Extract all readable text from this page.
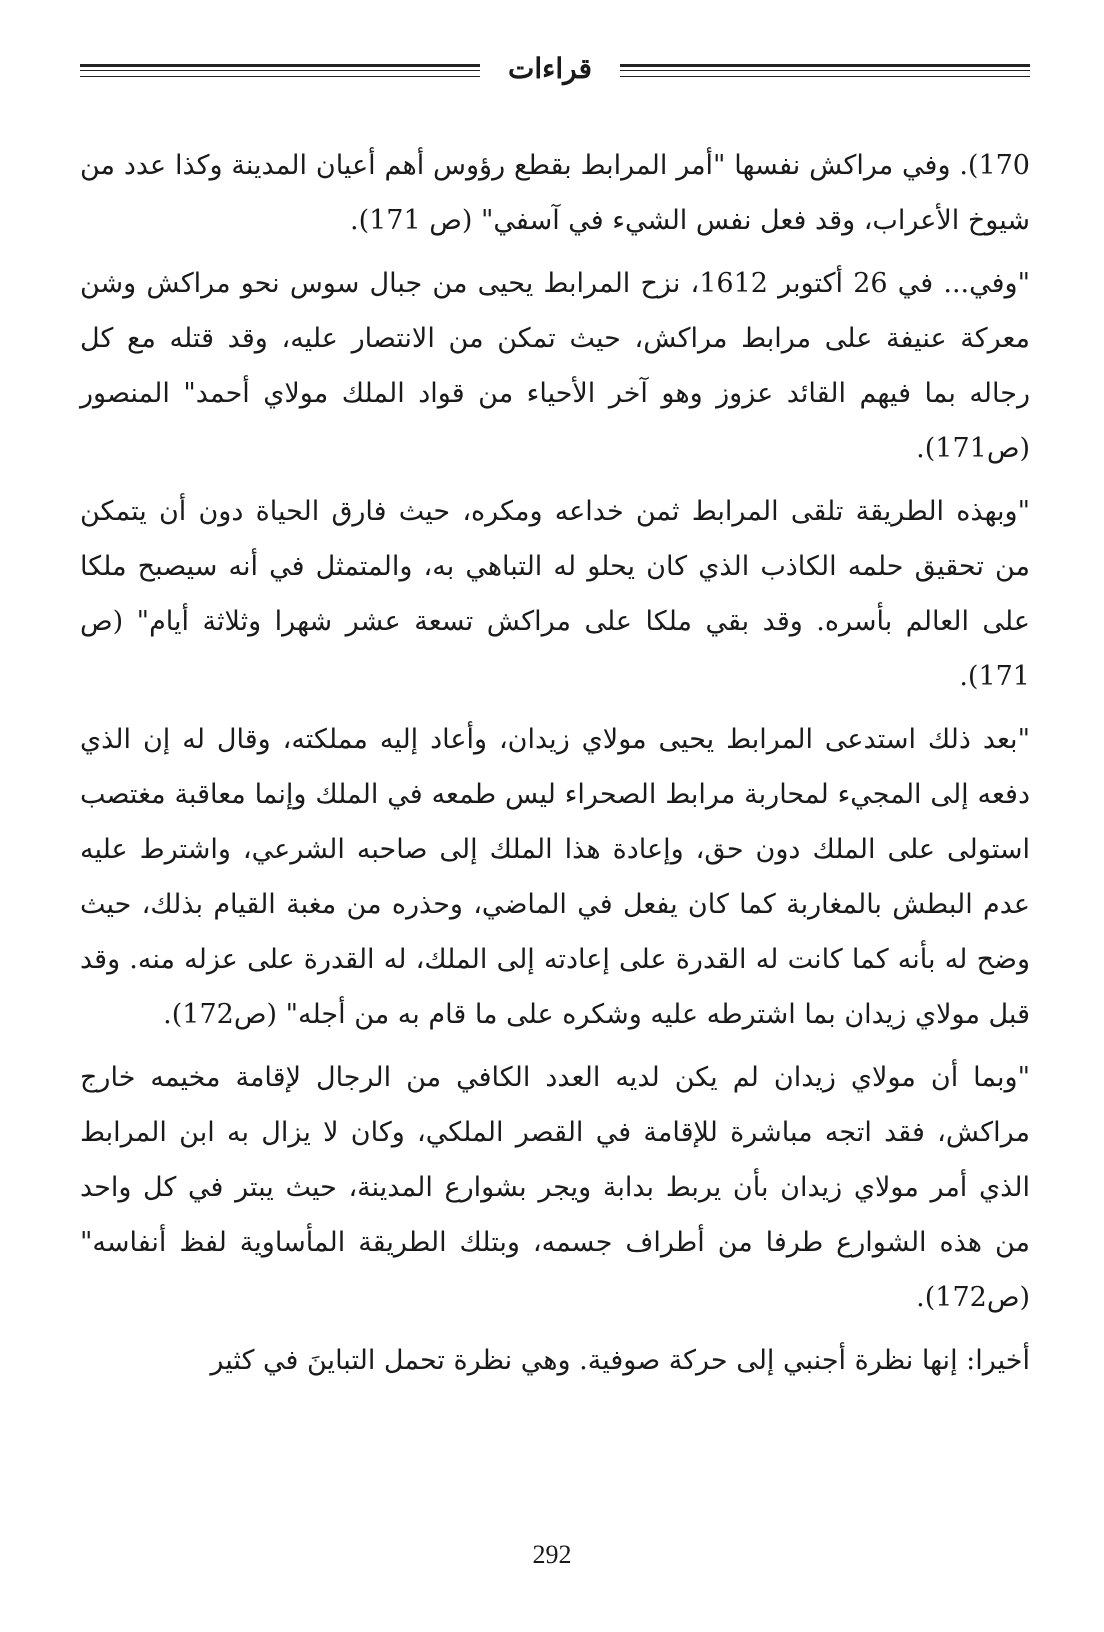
قراءات

170). وفي مراكش نفسها "أمر المرابط بقطع رؤوس أهم أعيان المدينة وكذا عدد من شيوخ الأعراب، وقد فعل نفس الشيء في آسفي" (ص 171).

"وفي... في 26 أكتوبر 1612، نزح المرابط يحيى من جبال سوس نحو مراكش وشن معركة عنيفة على مرابط مراكش، حيث تمكن من الانتصار عليه، وقد قتله مع كل رجاله بما فيهم القائد عزوز وهو آخر الأحياء من قواد الملك مولاي أحمد" المنصور (ص171).

"وبهذه الطريقة تلقى المرابط ثمن خداعه ومكره، حيث فارق الحياة دون أن يتمكن من تحقيق حلمه الكاذب الذي كان يحلو له التباهي به، والمتمثل في أنه سيصبح ملكا على العالم بأسره. وقد بقي ملكا على مراكش تسعة عشر شهرا وثلاثة أيام" (ص 171).

"بعد ذلك استدعى المرابط يحيى مولاي زيدان، وأعاد إليه مملكته، وقال له إن الذي دفعه إلى المجيء لمحاربة مرابط الصحراء ليس طمعه في الملك وإنما معاقبة مغتصب استولى على الملك دون حق، وإعادة هذا الملك إلى صاحبه الشرعي، واشترط عليه عدم البطش بالمغاربة كما كان يفعل في الماضي، وحذره من مغبة القيام بذلك، حيث وضح له بأنه كما كانت له القدرة على إعادته إلى الملك، له القدرة على عزله منه. وقد قبل مولاي زيدان بما اشترطه عليه وشكره على ما قام به من أجله" (ص172).

"وبما أن مولاي زيدان لم يكن لديه العدد الكافي من الرجال لإقامة مخيمه خارج مراكش، فقد اتجه مباشرة للإقامة في القصر الملكي، وكان لا يزال به ابن المرابط الذي أمر مولاي زيدان بأن يربط بدابة ويجر بشوارع المدينة، حيث يبتر في كل واحد من هذه الشوارع طرفا من أطراف جسمه، وبتلك الطريقة المأساوية لفظ أنفاسه" (ص172).

أخيرا: إنها نظرة أجنبي إلى حركة صوفية. وهي نظرة تحمل التباينَ في كثير

292
